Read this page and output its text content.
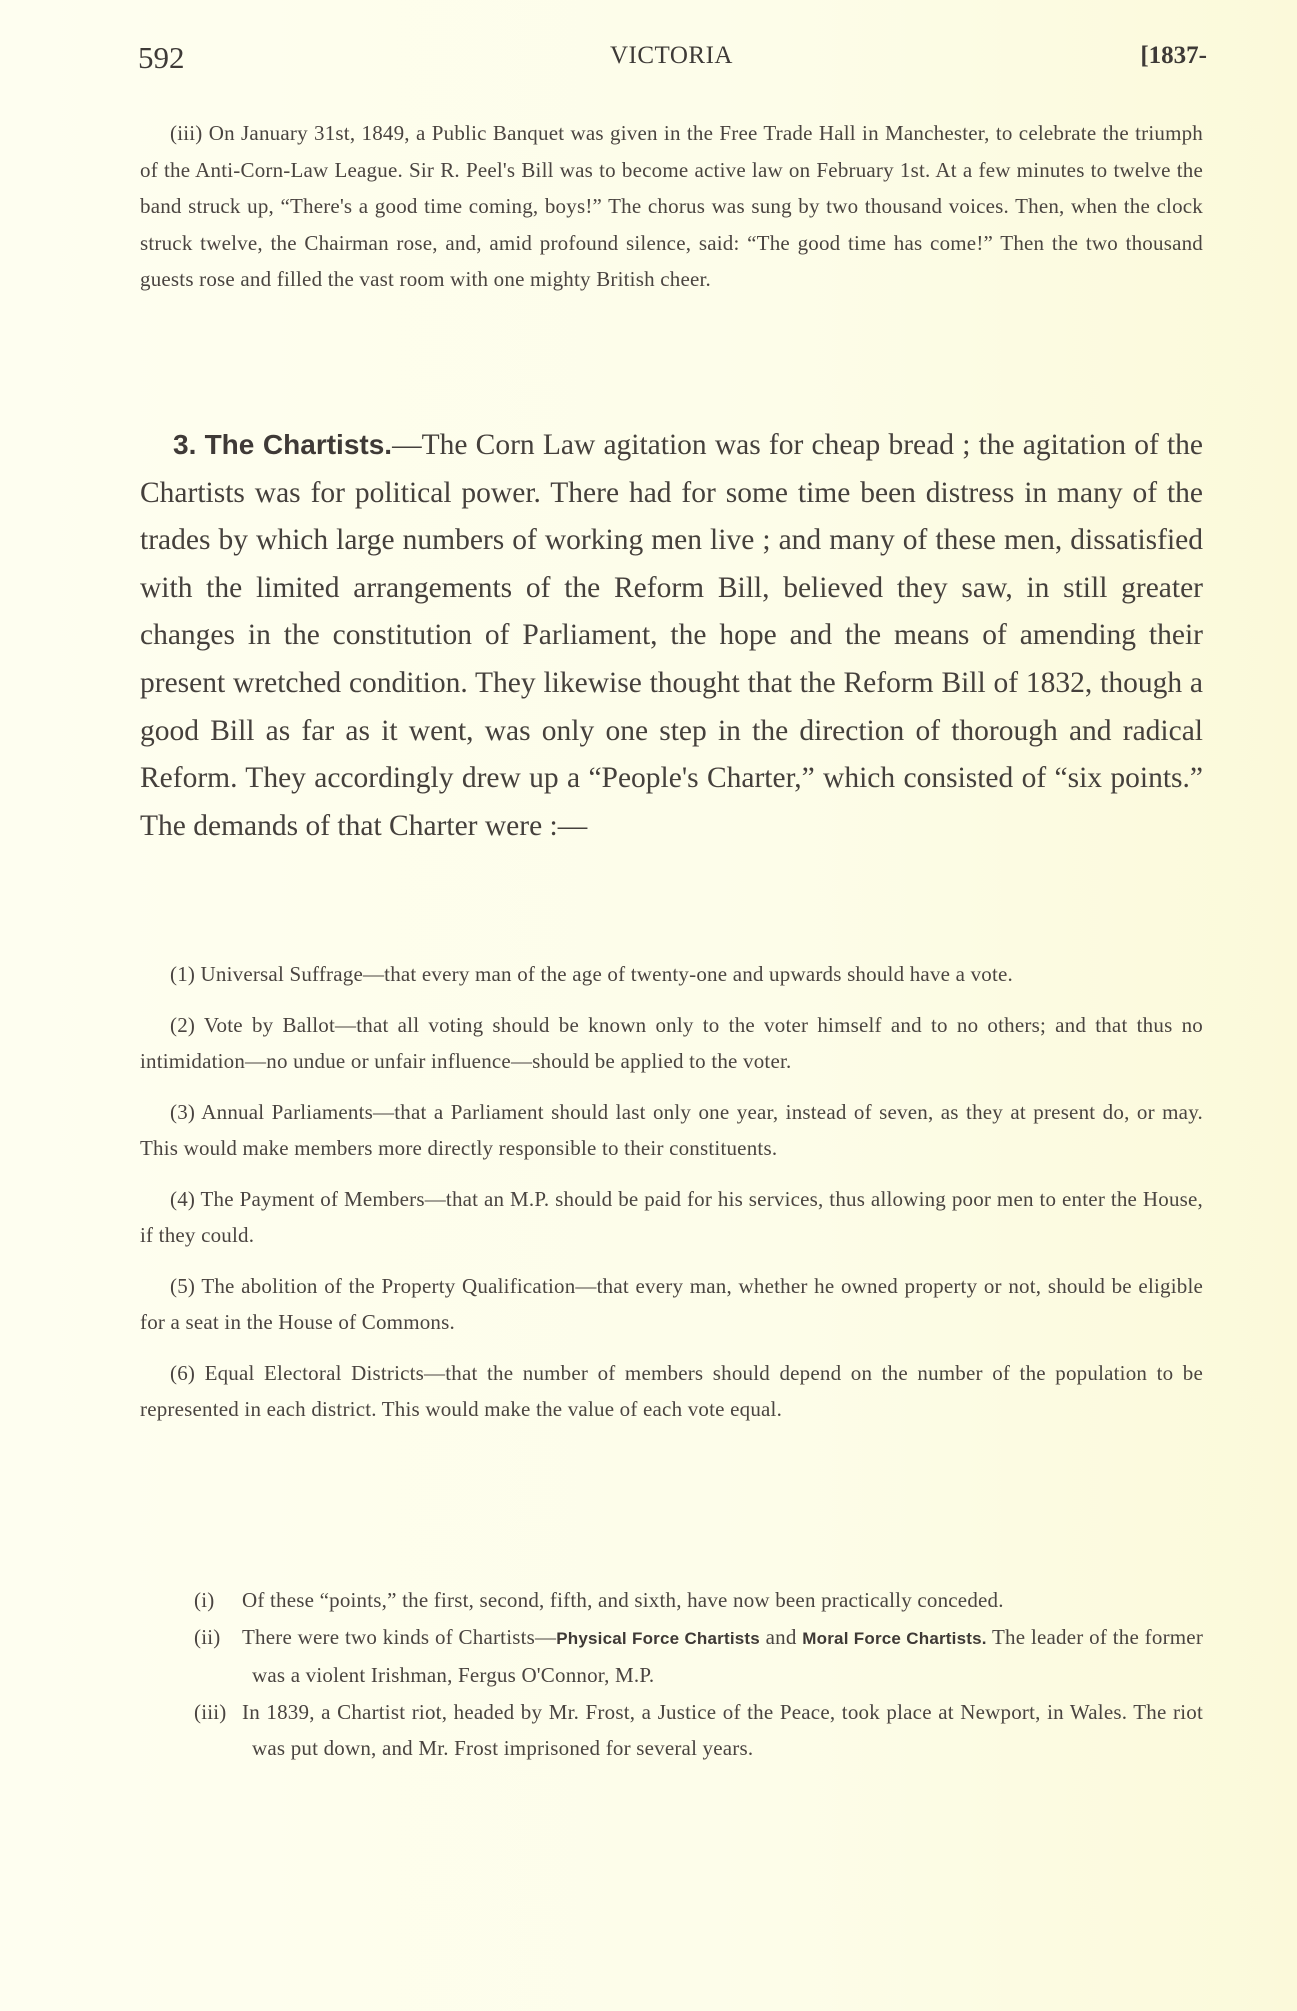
592	VICTORIA	[1837-

(iii) On January 31st, 1849, a Public Banquet was given in the Free Trade Hall in Manchester, to celebrate the triumph of the Anti-Corn-Law League. Sir R. Peel's Bill was to become active law on February 1st. At a few minutes to twelve the band struck up, “There's a good time coming, boys!” The chorus was sung by two thousand voices. Then, when the clock struck twelve, the Chairman rose, and, amid profound silence, said: “The good time has come!” Then the two thousand guests rose and filled the vast room with one mighty British cheer.

3. The Chartists.—The Corn Law agitation was for cheap bread ; the agitation of the Chartists was for political power. There had for some time been distress in many of the trades by which large numbers of working men live ; and many of these men, dissatisfied with the limited arrangements of the Reform Bill, believed they saw, in still greater changes in the constitution of Parliament, the hope and the means of amending their present wretched condition. They likewise thought that the Reform Bill of 1832, though a good Bill as far as it went, was only one step in the direction of thorough and radical Reform. They accordingly drew up a “People's Charter,” which consisted of “six points.” The demands of that Charter were :—

(1) Universal Suffrage—that every man of the age of twenty-one and upwards should have a vote.

(2) Vote by Ballot—that all voting should be known only to the voter himself and to no others; and that thus no intimidation—no undue or unfair influence—should be applied to the voter.

(3) Annual Parliaments—that a Parliament should last only one year, instead of seven, as they at present do, or may. This would make members more directly responsible to their constituents.

(4) The Payment of Members—that an M.P. should be paid for his services, thus allowing poor men to enter the House, if they could.

(5) The abolition of the Property Qualification—that every man, whether he owned property or not, should be eligible for a seat in the House of Commons.

(6) Equal Electoral Districts—that the number of members should depend on the number of the population to be represented in each district. This would make the value of each vote equal.

(i) Of these “points,” the first, second, fifth, and sixth, have now been practically conceded.

(ii) There were two kinds of Chartists—Physical Force Chartists and Moral Force Chartists. The leader of the former was a violent Irishman, Fergus O'Connor, M.P.

(iii) In 1839, a Chartist riot, headed by Mr. Frost, a Justice of the Peace, took place at Newport, in Wales. The riot was put down, and Mr. Frost imprisoned for several years.
